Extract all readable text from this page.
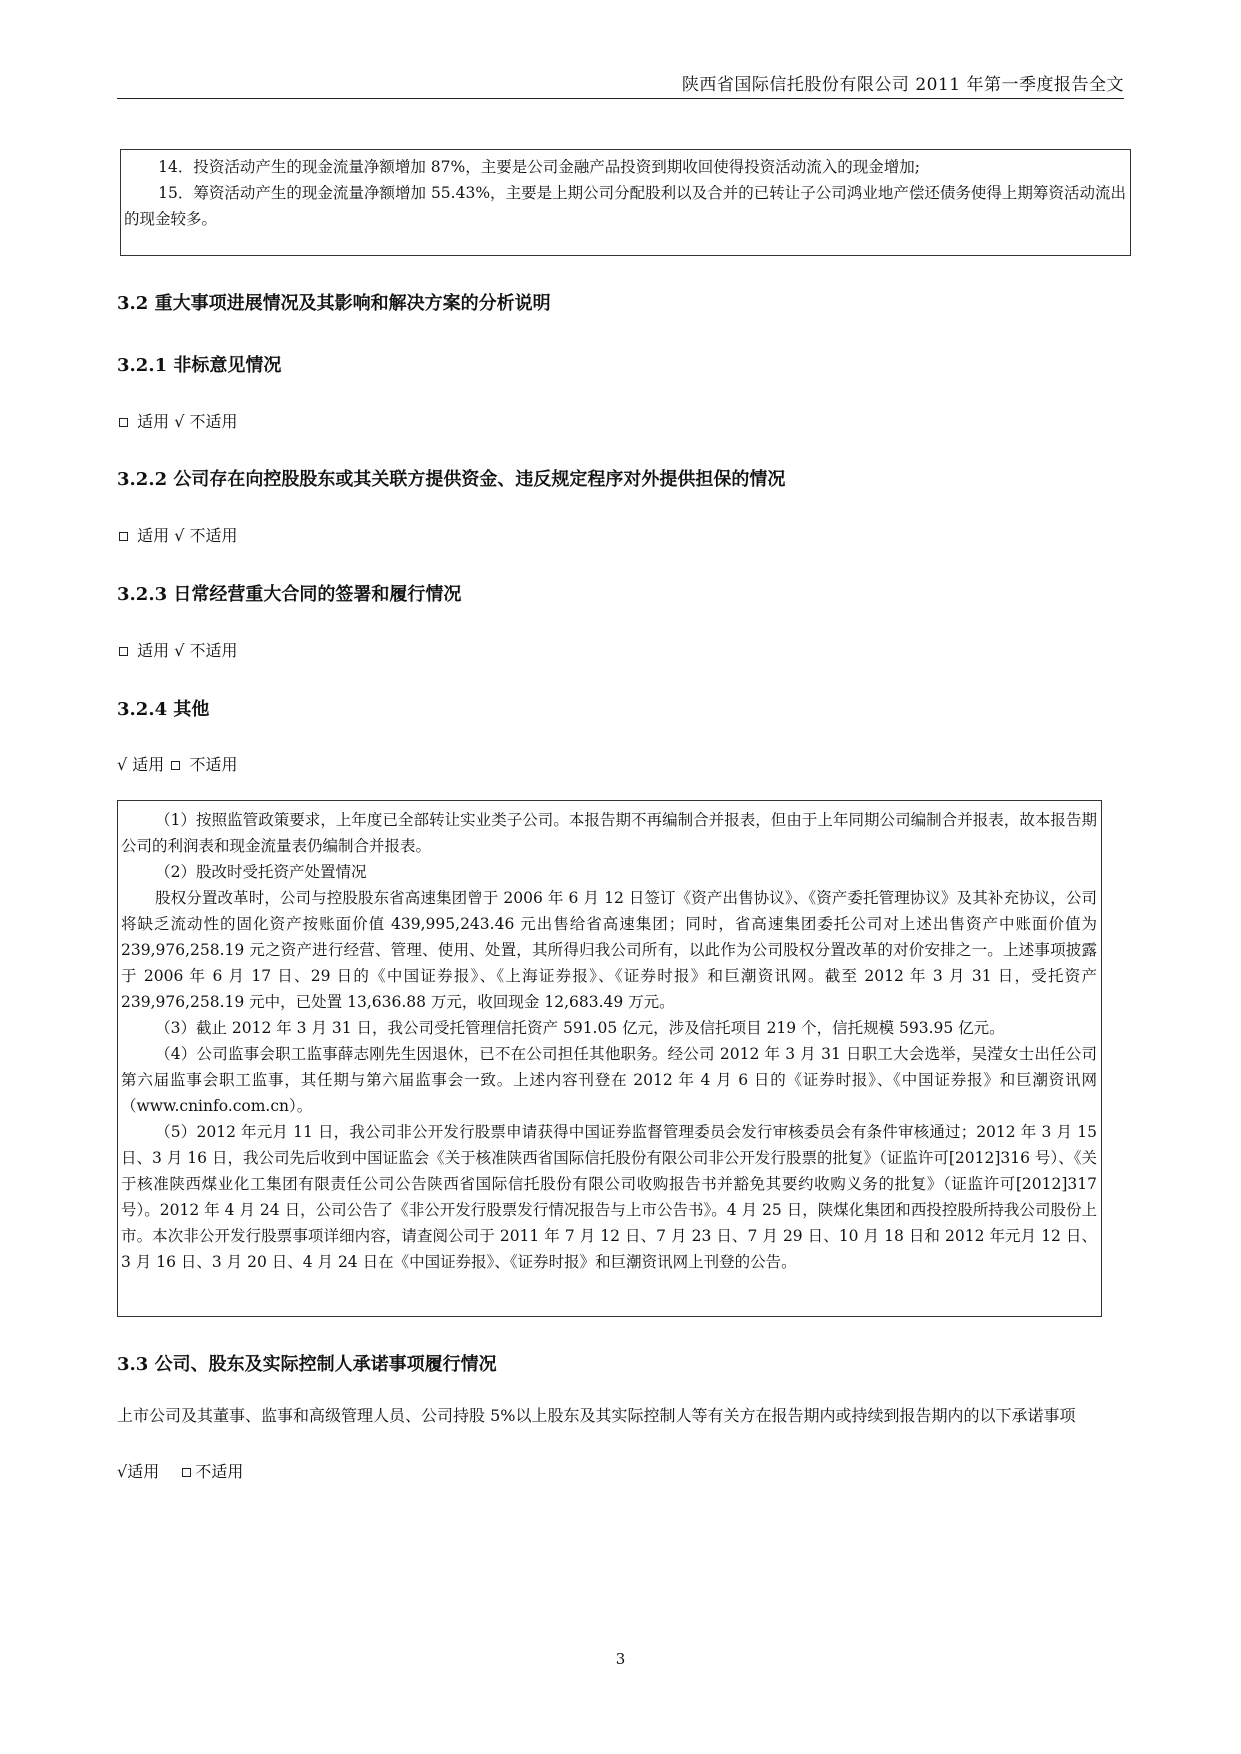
陕西省国际信托股份有限公司 2011 年第一季度报告全文

14．投资活动产生的现金流量净额增加 87%，主要是公司金融产品投资到期收回使得投资活动流入的现金增加;

15．筹资活动产生的现金流量净额增加 55.43%，主要是上期公司分配股利以及合并的已转让子公司鸿业地产偿还债务使得上期筹资活动流出的现金较多。

3.2 重大事项进展情况及其影响和解决方案的分析说明
3.2.1 非标意见情况
适用 √ 不适用
3.2.2 公司存在向控股股东或其关联方提供资金、违反规定程序对外提供担保的情况
适用 √ 不适用
3.2.3 日常经营重大合同的签署和履行情况
适用 √ 不适用
3.2.4 其他
√ 适用 不适用

（1）按照监管政策要求，上年度已全部转让实业类子公司。本报告期不再编制合并报表，但由于上年同期公司编制合并报表，故本报告期公司的利润表和现金流量表仍编制合并报表。

（2）股改时受托资产处置情况

股权分置改革时，公司与控股股东省高速集团曾于 2006 年 6 月 12 日签订《资产出售协议》、《资产委托管理协议》及其补充协议，公司将缺乏流动性的固化资产按账面价值 439,995,243.46 元出售给省高速集团；同时，省高速集团委托公司对上述出售资产中账面价值为 239,976,258.19 元之资产进行经营、管理、使用、处置，其所得归我公司所有，以此作为公司股权分置改革的对价安排之一。上述事项披露于 2006 年 6 月 17 日、29 日的《中国证券报》、《上海证券报》、《证券时报》和巨潮资讯网。截至 2012 年 3 月 31 日，受托资产 239,976,258.19 元中，已处置 13,636.88 万元，收回现金 12,683.49 万元。

（3）截止 2012 年 3 月 31 日，我公司受托管理信托资产 591.05 亿元，涉及信托项目 219 个，信托规模 593.95 亿元。

（4）公司监事会职工监事薛志刚先生因退休，已不在公司担任其他职务。经公司 2012 年 3 月 31 日职工大会选举，吴滢女士出任公司第六届监事会职工监事，其任期与第六届监事会一致。上述内容刊登在 2012 年 4 月 6 日的《证券时报》、《中国证券报》和巨潮资讯网（www.cninfo.com.cn）。

（5）2012 年元月 11 日，我公司非公开发行股票申请获得中国证券监督管理委员会发行审核委员会有条件审核通过；2012 年 3 月 15 日、3 月 16 日，我公司先后收到中国证监会《关于核准陕西省国际信托股份有限公司非公开发行股票的批复》（证监许可[2012]316 号）、《关于核准陕西煤业化工集团有限责任公司公告陕西省国际信托股份有限公司收购报告书并豁免其要约收购义务的批复》（证监许可[2012]317 号）。2012 年 4 月 24 日，公司公告了《非公开发行股票发行情况报告与上市公告书》。4 月 25 日，陕煤化集团和西投控股所持我公司股份上市。本次非公开发行股票事项详细内容，请查阅公司于 2011 年 7 月 12 日、7 月 23 日、7 月 29 日、10 月 18 日和 2012 年元月 12 日、3 月 16 日、3 月 20 日、4 月 24 日在《中国证券报》、《证券时报》和巨潮资讯网上刊登的公告。

3.3 公司、股东及实际控制人承诺事项履行情况
上市公司及其董事、监事和高级管理人员、公司持股 5%以上股东及其实际控制人等有关方在报告期内或持续到报告期内的以下承诺事项
√适用 不适用
3
